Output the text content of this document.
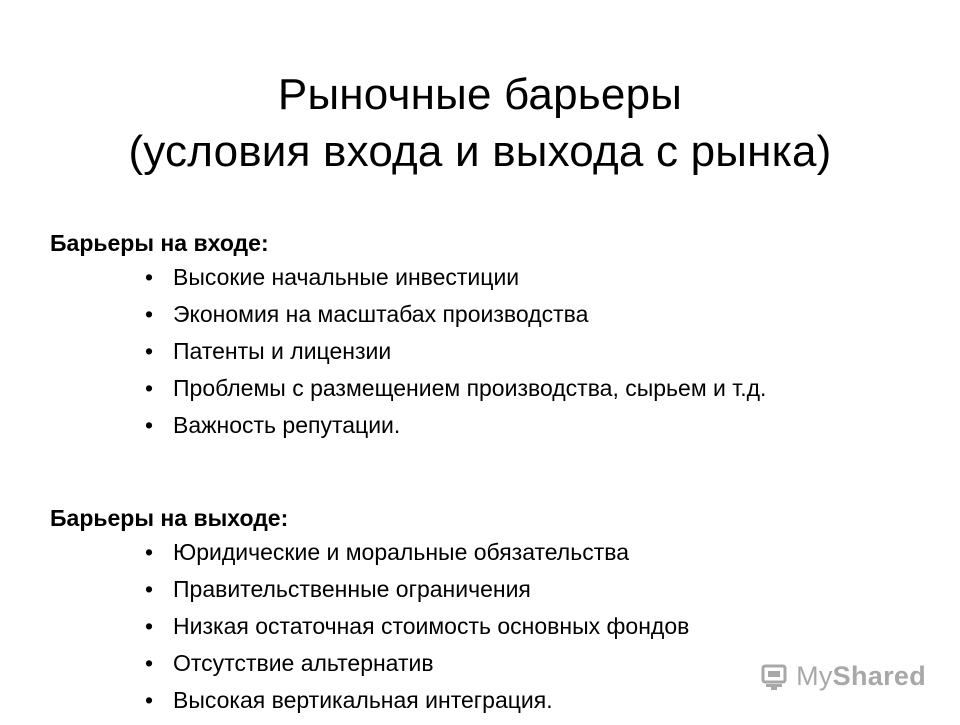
Рыночные барьеры
(условия входа и выхода с рынка)
Барьеры на входе:
• Высокие начальные инвестиции
• Экономия на масштабах производства
• Патенты и лицензии
• Проблемы с размещением производства, сырьем и т.д.
• Важность репутации.
Барьеры на выходе:
• Юридические и моральные обязательства
• Правительственные ограничения
• Низкая остаточная стоимость основных фондов
• Отсутствие альтернатив
• Высокая вертикальная интеграция.
MyShared
